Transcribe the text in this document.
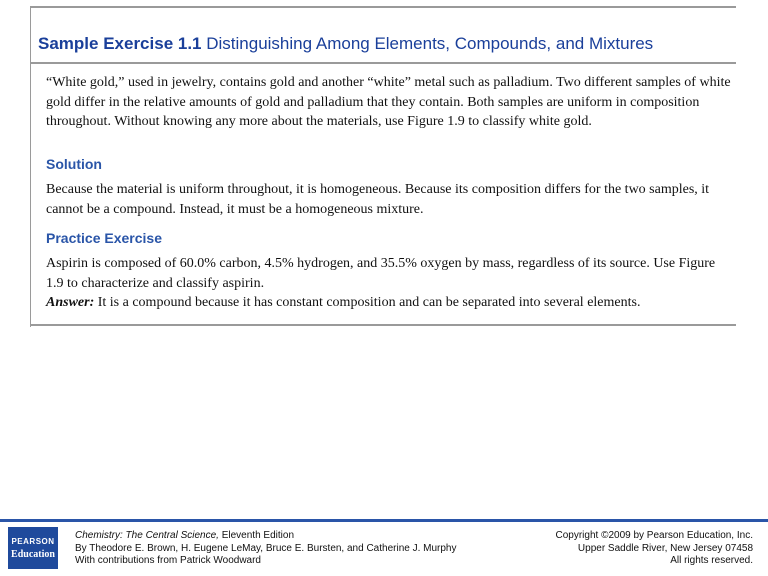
Sample Exercise 1.1 Distinguishing Among Elements, Compounds, and Mixtures
“White gold,” used in jewelry, contains gold and another “white” metal such as palladium. Two different samples of white gold differ in the relative amounts of gold and palladium that they contain. Both samples are uniform in composition throughout. Without knowing any more about the materials, use Figure 1.9 to classify white gold.
Solution
Because the material is uniform throughout, it is homogeneous. Because its composition differs for the two samples, it cannot be a compound. Instead, it must be a homogeneous mixture.
Practice Exercise
Aspirin is composed of 60.0% carbon, 4.5% hydrogen, and 35.5% oxygen by mass, regardless of its source. Use Figure 1.9 to characterize and classify aspirin.
Answer: It is a compound because it has constant composition and can be separated into several elements.
PEARSON
Education
Chemistry: The Central Science, Eleventh Edition
By Theodore E. Brown, H. Eugene LeMay, Bruce E. Bursten, and Catherine J. Murphy
With contributions from Patrick Woodward
Copyright ©2009 by Pearson Education, Inc.
Upper Saddle River, New Jersey 07458
All rights reserved.
